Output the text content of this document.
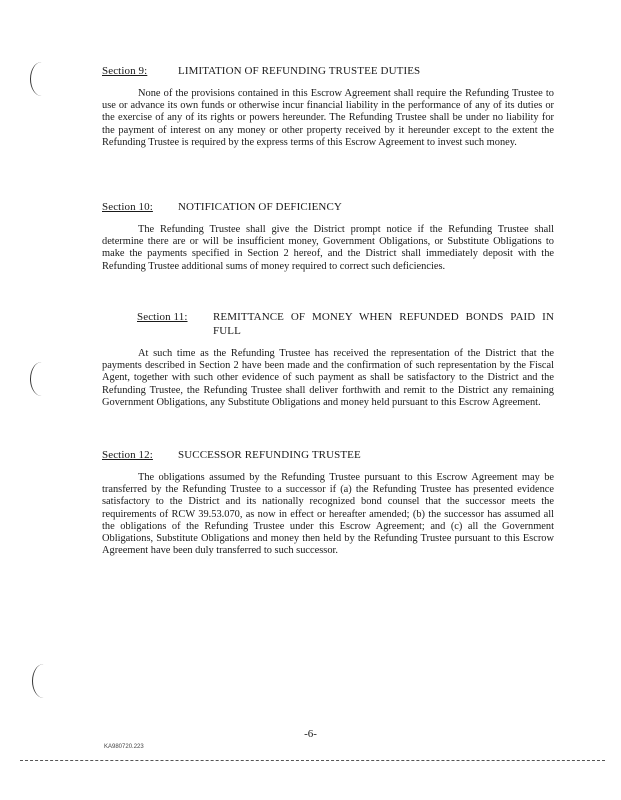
Section 9:	LIMITATION OF REFUNDING TRUSTEE DUTIES

None of the provisions contained in this Escrow Agreement shall require the Refunding Trustee to use or advance its own funds or otherwise incur financial liability in the performance of any of its duties or the exercise of any of its rights or powers hereunder. The Refunding Trustee shall be under no liability for the payment of interest on any money or other property received by it hereunder except to the extent the Refunding Trustee is required by the express terms of this Escrow Agreement to invest such money.

Section 10:	NOTIFICATION OF DEFICIENCY

The Refunding Trustee shall give the District prompt notice if the Refunding Trustee shall determine there are or will be insufficient money, Government Obligations, or Substitute Obligations to make the payments specified in Section 2 hereof, and the District shall immediately deposit with the Refunding Trustee additional sums of money required to correct such deficiencies.

Section 11:	REMITTANCE OF MONEY WHEN REFUNDED BONDS PAID IN FULL

At such time as the Refunding Trustee has received the representation of the District that the payments described in Section 2 have been made and the confirmation of such representation by the Fiscal Agent, together with such other evidence of such payment as shall be satisfactory to the District and the Refunding Trustee, the Refunding Trustee shall deliver forthwith and remit to the District any remaining Government Obligations, any Substitute Obligations and money held pursuant to this Escrow Agreement.

Section 12:	SUCCESSOR REFUNDING TRUSTEE

The obligations assumed by the Refunding Trustee pursuant to this Escrow Agreement may be transferred by the Refunding Trustee to a successor if (a) the Refunding Trustee has presented evidence satisfactory to the District and its nationally recognized bond counsel that the successor meets the requirements of RCW 39.53.070, as now in effect or hereafter amended; (b) the successor has assumed all the obligations of the Refunding Trustee under this Escrow Agreement; and (c) all the Government Obligations, Substitute Obligations and money then held by the Refunding Trustee pursuant to this Escrow Agreement have been duly transferred to such successor.

-6-
KA980720.223
